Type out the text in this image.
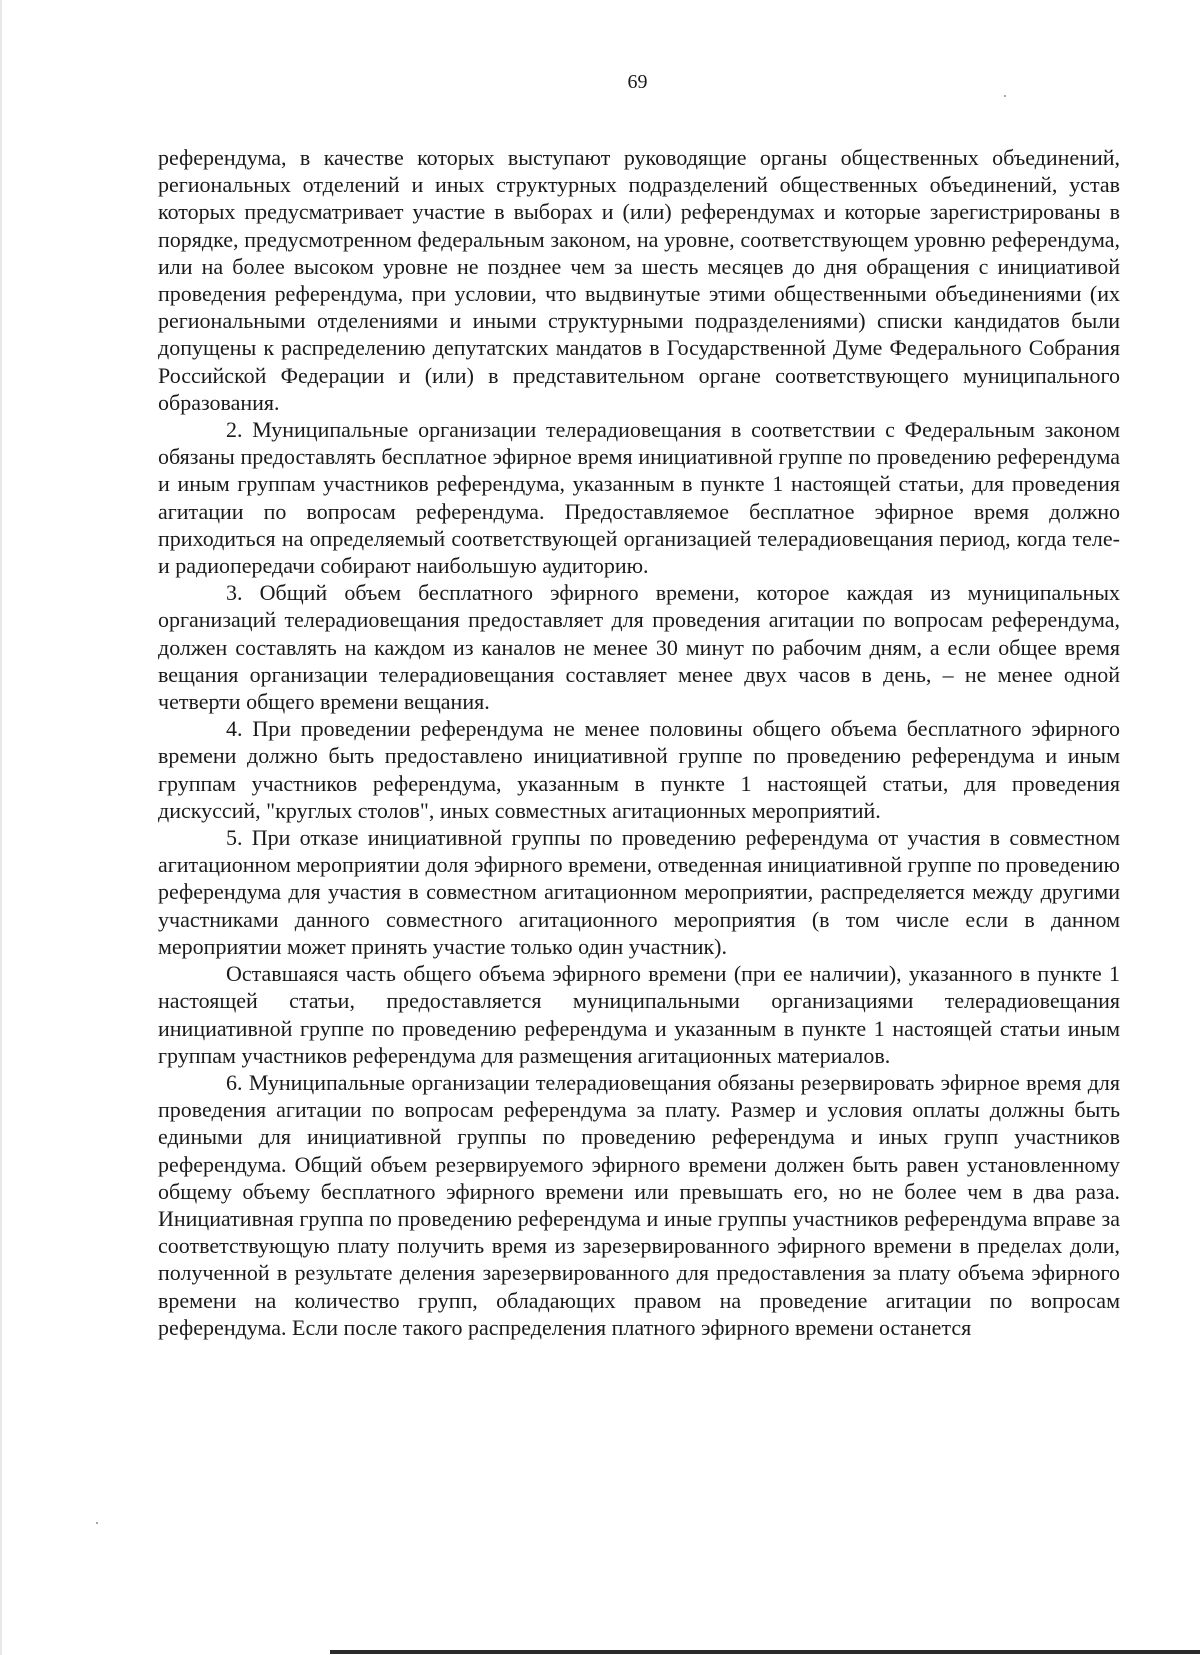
69

референдума, в качестве которых выступают руководящие органы общественных объединений, региональных отделений и иных структурных подразделений общественных объединений, устав которых предусматривает участие в выборах и (или) референдумах и которые зарегистрированы в порядке, предусмотренном федеральным законом, на уровне, соответствующем уровню референдума, или на более высоком уровне не позднее чем за шесть месяцев до дня обращения с инициативой проведения референдума, при условии, что выдвинутые этими общественными объединениями (их региональными отделениями и иными структурными подразделениями) списки кандидатов были допущены к распределению депутатских мандатов в Государственной Думе Федерального Собрания Российской Федерации и (или) в представительном органе соответствующего муниципального образования.

2. Муниципальные организации телерадиовещания в соответствии с Федеральным законом обязаны предоставлять бесплатное эфирное время инициативной группе по проведению референдума и иным группам участников референдума, указанным в пункте 1 настоящей статьи, для проведения агитации по вопросам референдума. Предоставляемое бесплатное эфирное время должно приходиться на определяемый соответствующей организацией телерадиовещания период, когда теле- и радиопередачи собирают наибольшую аудиторию.

3. Общий объем бесплатного эфирного времени, которое каждая из муниципальных организаций телерадиовещания предоставляет для проведения агитации по вопросам референдума, должен составлять на каждом из каналов не менее 30 минут по рабочим дням, а если общее время вещания организации телерадиовещания составляет менее двух часов в день, – не менее одной четверти общего времени вещания.

4. При проведении референдума не менее половины общего объема бесплатного эфирного времени должно быть предоставлено инициативной группе по проведению референдума и иным группам участников референдума, указанным в пункте 1 настоящей статьи, для проведения дискуссий, "круглых столов", иных совместных агитационных мероприятий.

5. При отказе инициативной группы по проведению референдума от участия в совместном агитационном мероприятии доля эфирного времени, отведенная инициативной группе по проведению референдума для участия в совместном агитационном мероприятии, распределяется между другими участниками данного совместного агитационного мероприятия (в том числе если в данном мероприятии может принять участие только один участник).

Оставшаяся часть общего объема эфирного времени (при ее наличии), указанного в пункте 1 настоящей статьи, предоставляется муниципальными организациями телерадиовещания инициативной группе по проведению референдума и указанным в пункте 1 настоящей статьи иным группам участников референдума для размещения агитационных материалов.

6. Муниципальные организации телерадиовещания обязаны резервировать эфирное время для проведения агитации по вопросам референдума за плату. Размер и условия оплаты должны быть едиными для инициативной группы по проведению референдума и иных групп участников референдума. Общий объем резервируемого эфирного времени должен быть равен установленному общему объему бесплатного эфирного времени или превышать его, но не более чем в два раза. Инициативная группа по проведению референдума и иные группы участников референдума вправе за соответствующую плату получить время из зарезервированного эфирного времени в пределах доли, полученной в результате деления зарезервированного для предоставления за плату объема эфирного времени на количество групп, обладающих правом на проведение агитации по вопросам референдума. Если после такого распределения платного эфирного времени останется
